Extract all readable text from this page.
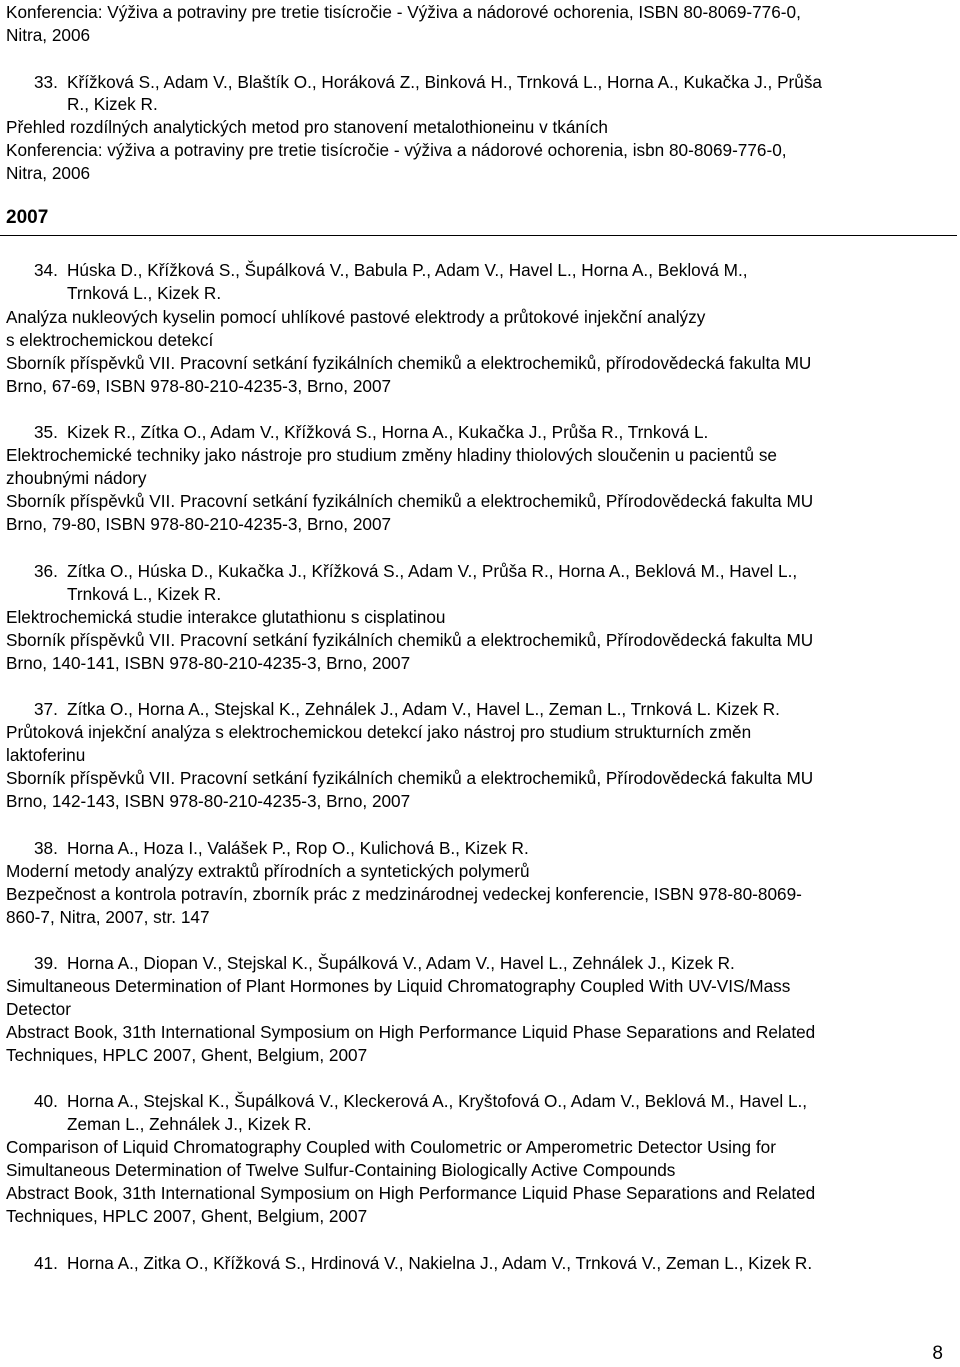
Konferencia: Výživa a potraviny pre tretie tisícročie - Výživa a nádorové ochorenia, ISBN 80-8069-776-0,
Nitra, 2006
33. Křížková S., Adam V., Blaštík O., Horáková Z., Binková H., Trnková L., Horna A., Kukačka J., Průša
R., Kizek R.
Přehled rozdílných analytických metod pro stanovení metalothioneinu v tkáních
Konferencia: výživa a potraviny pre tretie tisícročie - výživa a nádorové ochorenia, isbn 80-8069-776-0,
Nitra, 2006
2007
34. Húska D., Křížková S., Šupálková V., Babula P., Adam V., Havel L., Horna A., Beklová M.,
Trnková L., Kizek R.
Analýza nukleových kyselin pomocí uhlíkové pastové elektrody a průtokové injekční analýzy
s elektrochemickou detekcí
Sborník příspěvků VII. Pracovní setkání fyzikálních chemiků a elektrochemiků, přírodovědecká fakulta MU
Brno, 67-69, ISBN 978-80-210-4235-3, Brno, 2007
35. Kizek R., Zítka O., Adam V., Křížková S., Horna A., Kukačka J., Průša R., Trnková L.
Elektrochemické techniky jako nástroje pro studium změny hladiny thiolových sloučenin u pacientů se
zhoubnými nádory
Sborník příspěvků VII. Pracovní setkání fyzikálních chemiků a elektrochemiků, Přírodovědecká fakulta MU
Brno, 79-80, ISBN 978-80-210-4235-3, Brno, 2007
36. Zítka O., Húska D., Kukačka J., Křížková S., Adam V., Průša R., Horna A., Beklová M., Havel L.,
Trnková L., Kizek R.
Elektrochemická studie interakce glutathionu s cisplatinou
Sborník příspěvků VII. Pracovní setkání fyzikálních chemiků a elektrochemiků, Přírodovědecká fakulta MU
Brno, 140-141, ISBN 978-80-210-4235-3, Brno, 2007
37. Zítka O., Horna A., Stejskal K., Zehnálek J., Adam V., Havel L., Zeman L., Trnková L. Kizek R.
Průtoková injekční analýza s elektrochemickou detekcí jako nástroj pro studium strukturních změn
laktoferinu
Sborník příspěvků VII. Pracovní setkání fyzikálních chemiků a elektrochemiků, Přírodovědecká fakulta MU
Brno, 142-143, ISBN 978-80-210-4235-3, Brno, 2007
38. Horna A., Hoza I., Valášek P., Rop O., Kulichová B., Kizek R.
Moderní metody analýzy extraktů přírodních a syntetických polymerů
Bezpečnost a kontrola potravín, zborník prác z medzinárodnej vedeckej konferencie, ISBN 978-80-8069-
860-7, Nitra, 2007, str. 147
39. Horna A., Diopan V., Stejskal K., Šupálková V., Adam V., Havel L., Zehnálek J., Kizek R.
Simultaneous Determination of Plant Hormones by Liquid Chromatography Coupled With UV-VIS/Mass
Detector
Abstract Book, 31th International Symposium on High Performance Liquid Phase Separations and Related
Techniques, HPLC 2007, Ghent, Belgium, 2007
40. Horna A., Stejskal K., Šupálková V., Kleckerová A., Kryštofová O., Adam V., Beklová M., Havel L.,
Zeman L., Zehnálek J., Kizek R.
Comparison of Liquid Chromatography Coupled with Coulometric or Amperometric Detector Using for
Simultaneous Determination of Twelve Sulfur-Containing Biologically Active Compounds
Abstract Book, 31th International Symposium on High Performance Liquid Phase Separations and Related
Techniques, HPLC 2007, Ghent, Belgium, 2007
41. Horna A., Zitka O., Křížková S., Hrdinová V., Nakielna J., Adam V., Trnková V., Zeman L., Kizek R.
8
